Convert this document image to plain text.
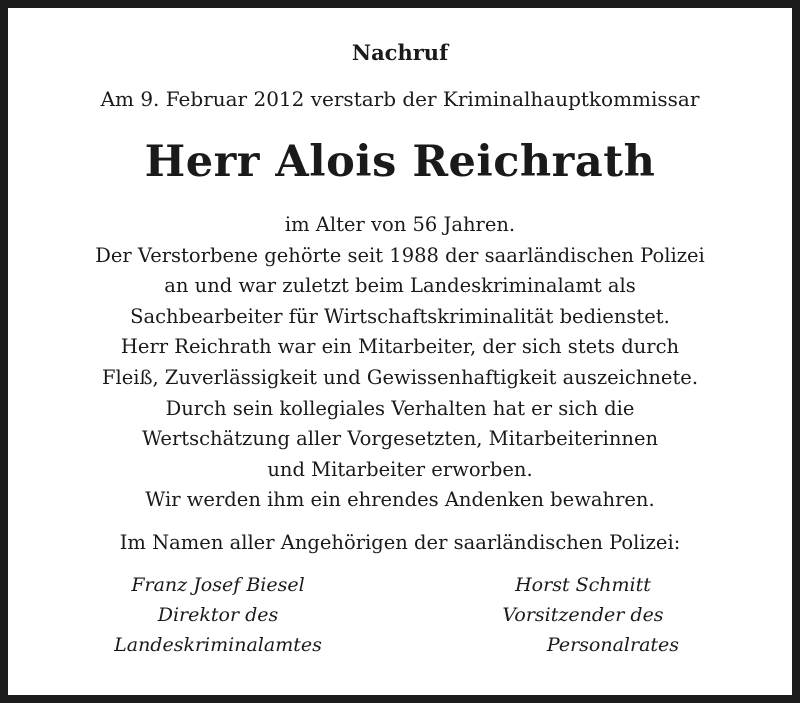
Nachruf
Am 9. Februar 2012 verstarb der Kriminalhauptkommissar
Herr Alois Reichrath
im Alter von 56 Jahren.
Der Verstorbene gehörte seit 1988 der saarländischen Polizei
an und war zuletzt beim Landeskriminalamt als
Sachbearbeiter für Wirtschaftskriminalität bedienstet.
Herr Reichrath war ein Mitarbeiter, der sich stets durch
Fleiß, Zuverlässigkeit und Gewissenhaftigkeit auszeichnete.
Durch sein kollegiales Verhalten hat er sich die
Wertschätzung aller Vorgesetzten, Mitarbeiterinnen
und Mitarbeiter erworben.
Wir werden ihm ein ehrendes Andenken bewahren.
Im Namen aller Angehörigen der saarländischen Polizei:
Franz Josef Biesel
Direktor des
Landeskriminalamtes
Horst Schmitt
Vorsitzender des
Personalrates
